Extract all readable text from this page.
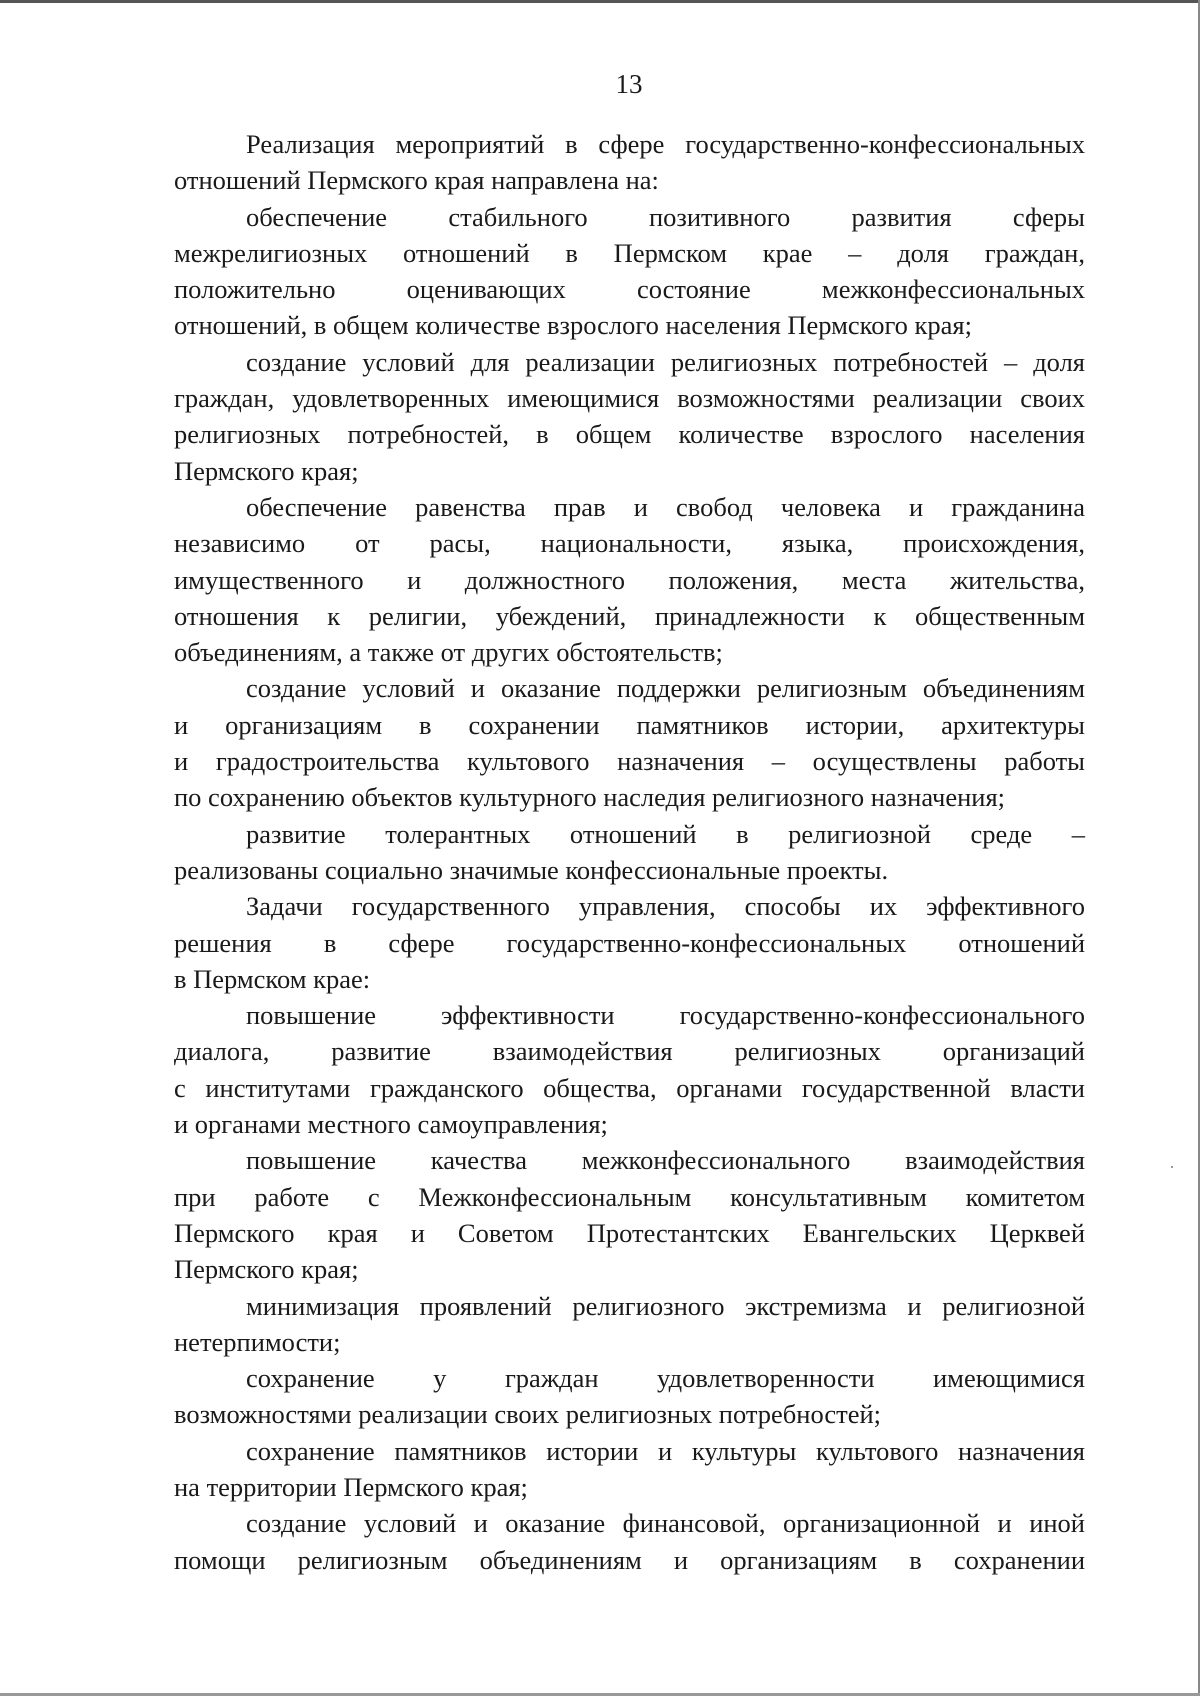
13

Реализация мероприятий в сфере государственно-конфессиональных
отношений Пермского края направлена на:

обеспечение стабильного позитивного развития сферы
межрелигиозных отношений в Пермском крае – доля граждан,
положительно оценивающих состояние межконфессиональных
отношений, в общем количестве взрослого населения Пермского края;

создание условий для реализации религиозных потребностей – доля
граждан, удовлетворенных имеющимися возможностями реализации своих
религиозных потребностей, в общем количестве взрослого населения
Пермского края;

обеспечение равенства прав и свобод человека и гражданина
независимо от расы, национальности, языка, происхождения,
имущественного и должностного положения, места жительства,
отношения к религии, убеждений, принадлежности к общественным
объединениям, а также от других обстоятельств;

создание условий и оказание поддержки религиозным объединениям
и организациям в сохранении памятников истории, архитектуры
и градостроительства культового назначения – осуществлены работы
по сохранению объектов культурного наследия религиозного назначения;

развитие толерантных отношений в религиозной среде –
реализованы социально значимые конфессиональные проекты.

Задачи государственного управления, способы их эффективного
решения в сфере государственно-конфессиональных отношений
в Пермском крае:

повышение эффективности государственно-конфессионального
диалога, развитие взаимодействия религиозных организаций
с институтами гражданского общества, органами государственной власти
и органами местного самоуправления;

повышение качества межконфессионального взаимодействия
при работе с Межконфессиональным консультативным комитетом
Пермского края и Советом Протестантских Евангельских Церквей
Пермского края;

минимизация проявлений религиозного экстремизма и религиозной
нетерпимости;

сохранение у граждан удовлетворенности имеющимися
возможностями реализации своих религиозных потребностей;

сохранение памятников истории и культуры культового назначения
на территории Пермского края;

создание условий и оказание финансовой, организационной и иной
помощи религиозным объединениям и организациям в сохранении
